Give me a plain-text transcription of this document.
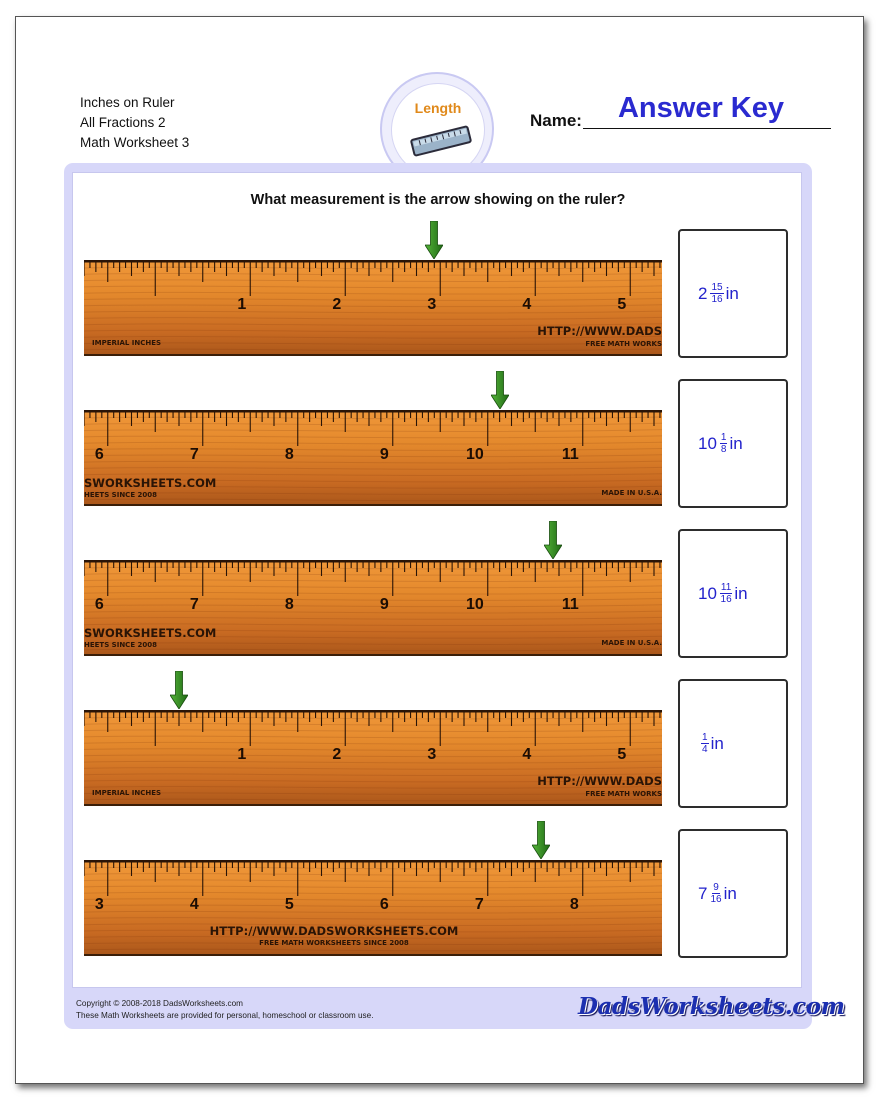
Inches on Ruler
All Fractions 2
Math Worksheet 3
Length
Name:	Answer Key
What measurement is the arrow showing on the ruler?
1	2	3	4	5
IMPERIAL INCHES
HTTP://WWW.DADS
FREE MATH WORKS
$2 \frac{15}{16}$ in
6	7	8	9	10	11
SWORKSHEETS.COM
HEETS SINCE 2008	MADE IN U.S.A.
$10 \frac{1}{8}$ in
6	7	8	9	10	11
SWORKSHEETS.COM
HEETS SINCE 2008	MADE IN U.S.A.
$10 \frac{11}{16}$ in
1	2	3	4	5
IMPERIAL INCHES
HTTP://WWW.DADS
FREE MATH WORKS
$\frac{1}{4}$ in
3	4	5	6	7	8
HTTP://WWW.DADSWORKSHEETS.COM
FREE MATH WORKSHEETS SINCE 2008
$7 \frac{9}{16}$ in
Copyright © 2008-2018 DadsWorksheets.com
These Math Worksheets are provided for personal, homeschool or classroom use.	DadsWorksheets.com
